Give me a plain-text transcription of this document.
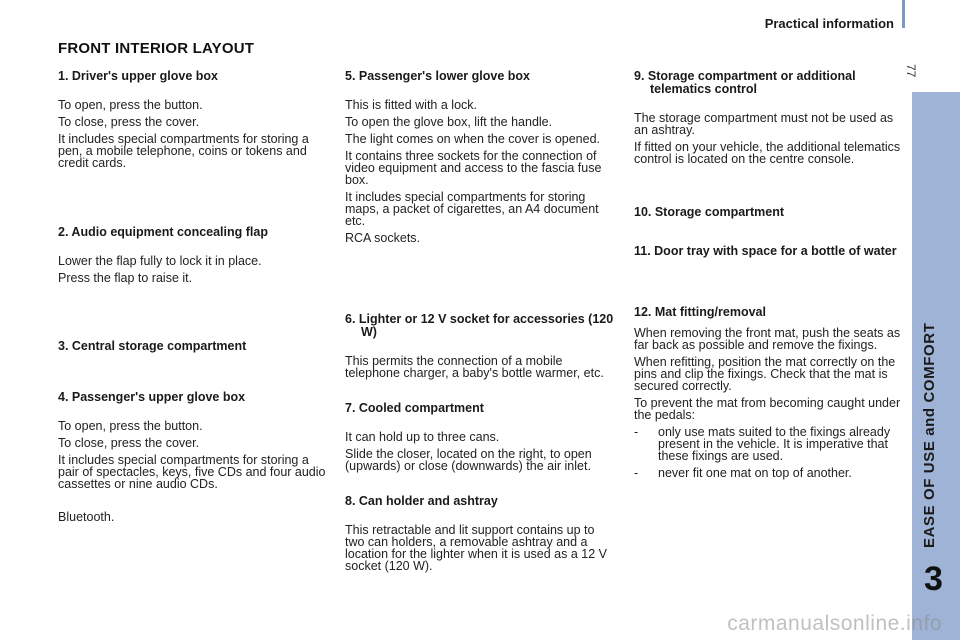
Practical information
77
EASE OF USE and COMFORT
3
FRONT INTERIOR LAYOUT
1. Driver's upper glove box

To open, press the button.

To close, press the cover.

It includes special compartments for storing a pen, a mobile telephone, coins or tokens and credit cards.

2. Audio equipment concealing flap

Lower the flap fully to lock it in place.

Press the flap to raise it.

3. Central storage compartment
4. Passenger's upper glove box

To open, press the button.

To close, press the cover.

It includes special compartments for storing a pair of spectacles, keys, five CDs and four audio cassettes or nine audio CDs.

Bluetooth.

5. Passenger's lower glove box

This is fitted with a lock.

To open the glove box, lift the handle.

The light comes on when the cover is opened.

It contains three sockets for the connection of video equipment and access to the fascia fuse box.

It includes special compartments for storing maps, a packet of cigarettes, an A4 document etc.

RCA sockets.

6. Lighter or 12 V socket for accessories (120 W)

This permits the connection of a mobile telephone charger, a baby's bottle warmer, etc.

7. Cooled compartment

It can hold up to three cans.

Slide the closer, located on the right, to open (upwards) or close (downwards) the air inlet.

8. Can holder and ashtray

This retractable and lit support contains up to two can holders, a removable ashtray and a location for the lighter when it is used as a 12 V socket (120 W).

9. Storage compartment or additional telematics control

The storage compartment must not be used as an ashtray.

If fitted on your vehicle, the additional telematics control is located on the centre console.

10. Storage compartment
11. Door tray with space for a bottle of water
12. Mat fitting/removal

When removing the front mat, push the seats as far back as possible and remove the fixings.

When refitting, position the mat correctly on the pins and clip the fixings. Check that the mat is secured correctly.

To prevent the mat from becoming caught under the pedals:

- only use mats suited to the fixings already present in the vehicle. It is imperative that these fixings are used.
- never fit one mat on top of another.
carmanualsonline.info
